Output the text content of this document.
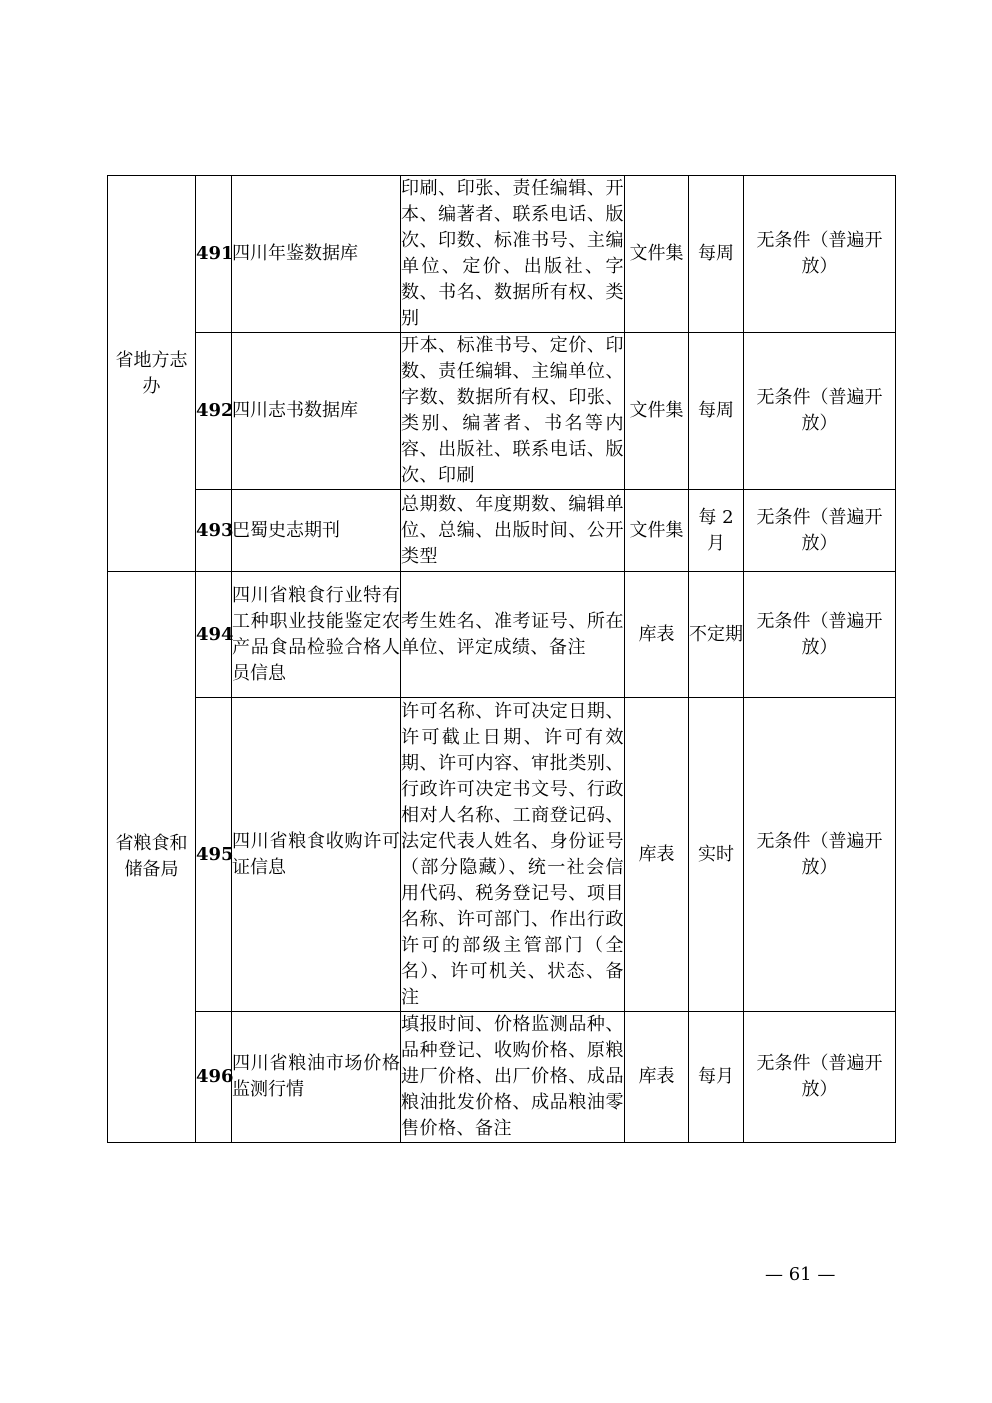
省地方志办	491	四川年鉴数据库	印刷、印张、责任编辑、开本、编著者、联系电话、版次、印数、标准书号、主编单位、定价、出版社、字数、书名、数据所有权、类别	文件集	每周	无条件（普遍开放）
	492	四川志书数据库	开本、标准书号、定价、印数、责任编辑、主编单位、字数、数据所有权、印张、类别、编著者、书名等内容、出版社、联系电话、版次、印刷	文件集	每周	无条件（普遍开放）
	493	巴蜀史志期刊	总期数、年度期数、编辑单位、总编、出版时间、公开类型	文件集	每 2 月	无条件（普遍开放）
省粮食和储备局	494	四川省粮食行业特有工种职业技能鉴定农产品食品检验合格人员信息	考生姓名、准考证号、所在单位、评定成绩、备注	库表	不定期	无条件（普遍开放）
	495	四川省粮食收购许可证信息	许可名称、许可决定日期、许可截止日期、许可有效期、许可内容、审批类别、行政许可决定书文号、行政相对人名称、工商登记码、法定代表人姓名、身份证号（部分隐藏）、统一社会信用代码、税务登记号、项目名称、许可部门、作出行政许可的部级主管部门（全名）、许可机关、状态、备注	库表	实时	无条件（普遍开放）
	496	四川省粮油市场价格监测行情	填报时间、价格监测品种、品种登记、收购价格、原粮进厂价格、出厂价格、成品粮油批发价格、成品粮油零售价格、备注	库表	每月	无条件（普遍开放）
— 61 —
